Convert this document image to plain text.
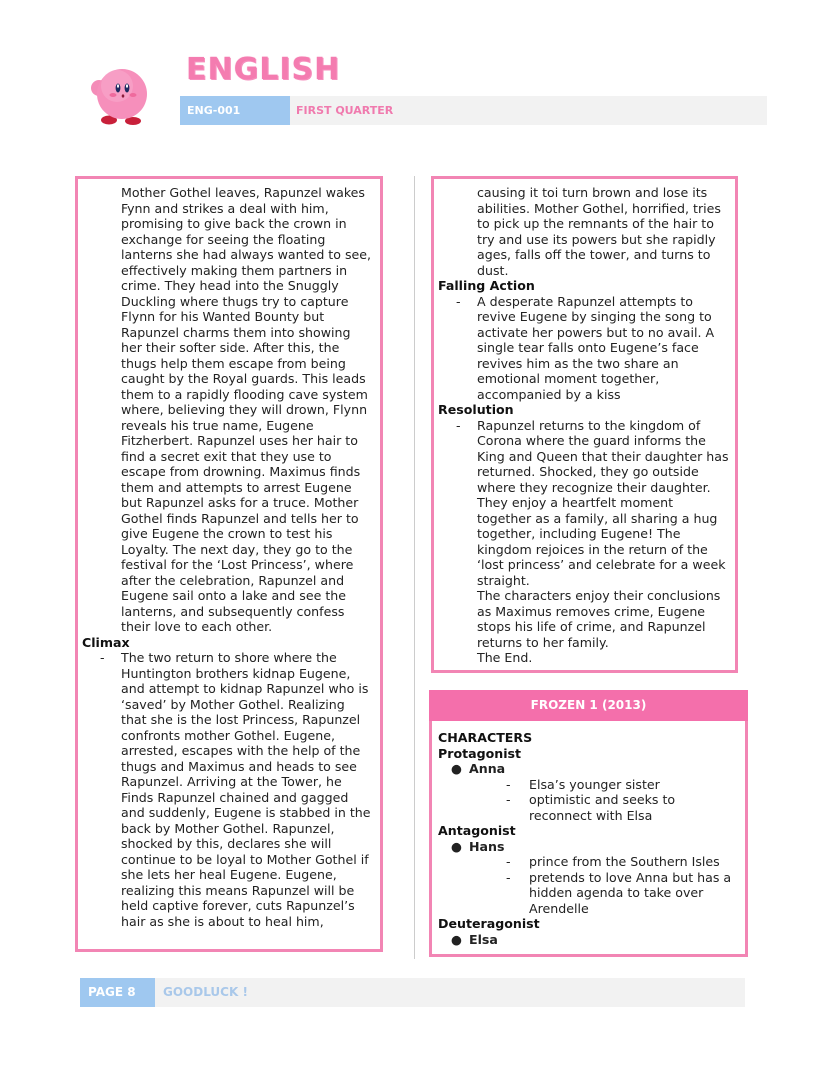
ENGLISH
ENG-001	FIRST QUARTER

Mother Gothel leaves, Rapunzel wakes Fynn and strikes a deal with him, promising to give back the crown in exchange for seeing the floating lanterns she had always wanted to see, effectively making them partners in crime. They head into the Snuggly Duckling where thugs try to capture Flynn for his Wanted Bounty but Rapunzel charms them into showing her their softer side. After this, the thugs help them escape from being caught by the Royal guards. This leads them to a rapidly flooding cave system where, believing they will drown, Flynn reveals his true name, Eugene Fitzherbert. Rapunzel uses her hair to find a secret exit that they use to escape from drowning. Maximus finds them and attempts to arrest Eugene but Rapunzel asks for a truce. Mother Gothel finds Rapunzel and tells her to give Eugene the crown to test his Loyalty. The next day, they go to the festival for the ‘Lost Princess’, where after the celebration, Rapunzel and Eugene sail onto a lake and see the lanterns, and subsequently confess their love to each other.

Climax
- The two return to shore where the Huntington brothers kidnap Eugene, and attempt to kidnap Rapunzel who is ‘saved’ by Mother Gothel. Realizing that she is the lost Princess, Rapunzel confronts mother Gothel. Eugene, arrested, escapes with the help of the thugs and Maximus and heads to see Rapunzel. Arriving at the Tower, he Finds Rapunzel chained and gagged and suddenly, Eugene is stabbed in the back by Mother Gothel. Rapunzel, shocked by this, declares she will continue to be loyal to Mother Gothel if she lets her heal Eugene. Eugene, realizing this means Rapunzel will be held captive forever, cuts Rapunzel’s hair as she is about to heal him,

causing it toi turn brown and lose its abilities. Mother Gothel, horrified, tries to pick up the remnants of the hair to try and use its powers but she rapidly ages, falls off the tower, and turns to dust.

Falling Action
- A desperate Rapunzel attempts to revive Eugene by singing the song to activate her powers but to no avail. A single tear falls onto Eugene’s face revives him as the two share an emotional moment together, accompanied by a kiss
Resolution
- Rapunzel returns to the kingdom of Corona where the guard informs the King and Queen that their daughter has returned. Shocked, they go outside where they recognize their daughter. They enjoy a heartfelt moment together as a family, all sharing a hug together, including Eugene! The kingdom rejoices in the return of the ‘lost princess’ and celebrate for a week straight.

The characters enjoy their conclusions as Maximus removes crime, Eugene stops his life of crime, and Rapunzel returns to her family.

The End.

FROZEN 1 (2013)
CHARACTERS
Protagonist
● Anna
- Elsa’s younger sister
- optimistic and seeks to reconnect with Elsa
Antagonist
● Hans
- prince from the Southern Isles
- pretends to love Anna but has a hidden agenda to take over Arendelle
Deuteragonist
● Elsa
PAGE 8	GOODLUCK !
